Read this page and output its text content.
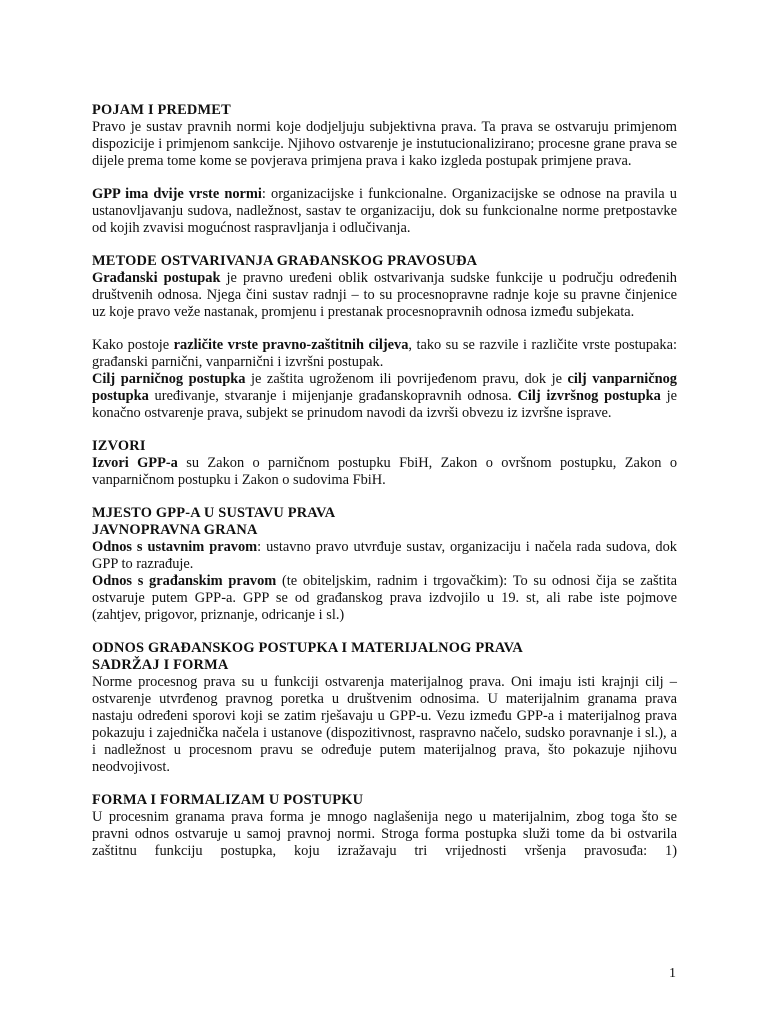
POJAM I PREDMET

Pravo je sustav pravnih normi koje dodjeljuju subjektivna prava. Ta prava se ostvaruju primjenom dispozicije i primjenom sankcije. Njihovo ostvarenje je instutucionalizirano; procesne grane prava se dijele prema tome kome se povjerava primjena prava i kako izgleda postupak primjene prava.

GPP ima dvije vrste normi: organizacijske i funkcionalne. Organizacijske se odnose na pravila u ustanovljavanju sudova, nadležnost, sastav te organizaciju, dok su funkcionalne norme pretpostavke od kojih zvavisi mogućnost raspravljanja i odlučivanja.

METODE OSTVARIVANJA GRAĐANSKOG PRAVOSUĐA

Građanski postupak je pravno uređeni oblik ostvarivanja sudske funkcije u području određenih društvenih odnosa. Njega čini sustav radnji – to su procesnopravne radnje koje su pravne činjenice uz koje pravo veže nastanak, promjenu i prestanak procesnopravnih odnosa između subjekata.

Kako postoje različite vrste pravno-zaštitnih ciljeva, tako su se razvile i različite vrste postupaka: građanski parnični, vanparnični i izvršni postupak.

Cilj parničnog postupka je zaštita ugroženom ili povrijeđenom pravu, dok je cilj vanparničnog postupka uređivanje, stvaranje i mijenjanje građanskopravnih odnosa. Cilj izvršnog postupka je konačno ostvarenje prava, subjekt se prinudom navodi da izvrši obvezu iz izvršne isprave.

IZVORI

Izvori GPP-a su Zakon o parničnom postupku FbiH, Zakon o ovršnom postupku, Zakon o vanparničnom postupku i Zakon o sudovima FbiH.

MJESTO GPP-A U SUSTAVU PRAVA
JAVNOPRAVNA GRANA

Odnos s ustavnim pravom: ustavno pravo utvrđuje sustav, organizaciju i načela rada sudova, dok GPP to razrađuje.

Odnos s građanskim pravom (te obiteljskim, radnim i trgovačkim): To su odnosi čija se zaštita ostvaruje putem GPP-a. GPP se od građanskog prava izdvojilo u 19. st, ali rabe iste pojmove (zahtjev, prigovor, priznanje, odricanje i sl.)

ODNOS GRAĐANSKOG POSTUPKA I MATERIJALNOG PRAVA
SADRŽAJ I FORMA

Norme procesnog prava su u funkciji ostvarenja materijalnog prava. Oni imaju isti krajnji cilj – ostvarenje utvrđenog pravnog poretka u društvenim odnosima. U materijalnim granama prava nastaju određeni sporovi koji se zatim rješavaju u GPP-u. Vezu između GPP-a i materijalnog prava pokazuju i zajednička načela i ustanove (dispozitivnost, raspravno načelo, sudsko poravnanje i sl.), a i nadležnost u procesnom pravu se određuje putem materijalnog prava, što pokazuje njihovu neodvojivost.

FORMA I FORMALIZAM U POSTUPKU

U procesnim granama prava forma je mnogo naglašenija nego u materijalnim, zbog toga što se pravni odnos ostvaruje u samoj pravnoj normi. Stroga forma postupka služi tome da bi ostvarila zaštitnu funkciju postupka, koju izražavaju tri vrijednosti vršenja pravosuđa: 1)

1
